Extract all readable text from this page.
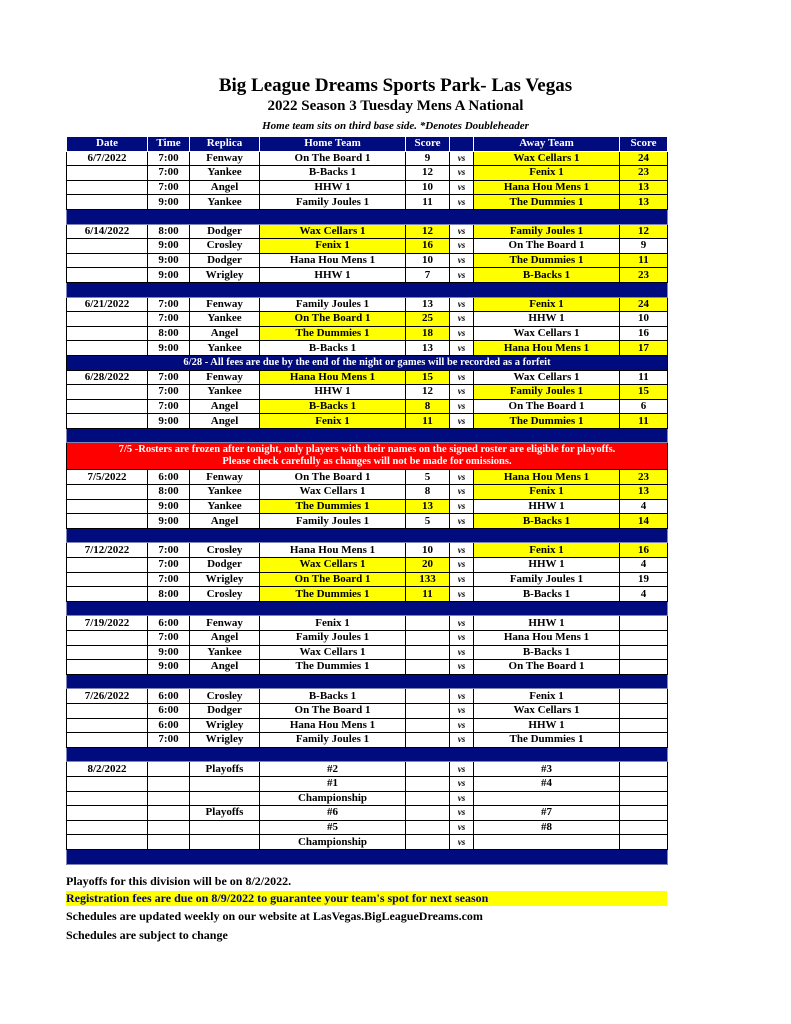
Big League Dreams Sports Park- Las Vegas
2022 Season 3 Tuesday Mens A National
Home team sits on third base side. *Denotes Doubleheader
Date	Time	Replica	Home Team	Score		Away Team	Score
6/7/2022	7:00	Fenway	On The Board 1	9	vs	Wax Cellars 1	24
	7:00	Yankee	B-Backs 1	12	vs	Fenix 1	23
	7:00	Angel	HHW 1	10	vs	Hana Hou Mens 1	13
	9:00	Yankee	Family Joules 1	11	vs	The Dummies 1	13

6/14/2022	8:00	Dodger	Wax Cellars 1	12	vs	Family Joules 1	12
	9:00	Crosley	Fenix 1	16	vs	On The Board 1	9
	9:00	Dodger	Hana Hou Mens 1	10	vs	The Dummies 1	11
	9:00	Wrigley	HHW 1	7	vs	B-Backs 1	23

6/21/2022	7:00	Fenway	Family Joules 1	13	vs	Fenix 1	24
	7:00	Yankee	On The Board 1	25	vs	HHW 1	10
	8:00	Angel	The Dummies 1	18	vs	Wax Cellars 1	16
	9:00	Yankee	B-Backs 1	13	vs	Hana Hou Mens 1	17
6/28 - All fees are due by the end of the night or games will be recorded as a forfeit							
6/28/2022	7:00	Fenway	Hana Hou Mens 1	15	vs	Wax Cellars 1	11
	7:00	Yankee	HHW 1	12	vs	Family Joules 1	15
	7:00	Angel	B-Backs 1	8	vs	On The Board 1	6
	9:00	Angel	Fenix 1	11	vs	The Dummies 1	11

7/5 -Rosters are frozen after tonight, only players with their names on the signed roster are eligible for playoffs.
Please check carefully as changes will not be made for omissions.							

7/5/2022	6:00	Fenway	On The Board 1	5	vs	Hana Hou Mens 1	23
	8:00	Yankee	Wax Cellars 1	8	vs	Fenix 1	13
	9:00	Yankee	The Dummies 1	13	vs	HHW 1	4
	9:00	Angel	Family Joules 1	5	vs	B-Backs 1	14

7/12/2022	7:00	Crosley	Hana Hou Mens 1	10	vs	Fenix 1	16
	7:00	Dodger	Wax Cellars 1	20	vs	HHW 1	4
	7:00	Wrigley	On The Board 1	133	vs	Family Joules 1	19
	8:00	Crosley	The Dummies 1	11	vs	B-Backs 1	4

7/19/2022	6:00	Fenway	Fenix 1		vs	HHW 1	
	7:00	Angel	Family Joules 1		vs	Hana Hou Mens 1	
	9:00	Yankee	Wax Cellars 1		vs	B-Backs 1	
	9:00	Angel	The Dummies 1		vs	On The Board 1	

7/26/2022	6:00	Crosley	B-Backs 1		vs	Fenix 1	
	6:00	Dodger	On The Board 1		vs	Wax Cellars 1	
	6:00	Wrigley	Hana Hou Mens 1		vs	HHW 1	
	7:00	Wrigley	Family Joules 1		vs	The Dummies 1	

8/2/2022		Playoffs	#2		vs	#3	
			#1		vs	#4	
			Championship		vs		
		Playoffs	#6		vs	#7	
			#5		vs	#8	
			Championship		vs		

Playoffs for this division will be on 8/2/2022.
Registration fees are due on 8/9/2022 to guarantee your team's spot for next season
Schedules are updated weekly on our website at LasVegas.BigLeagueDreams.com
Schedules are subject to change
